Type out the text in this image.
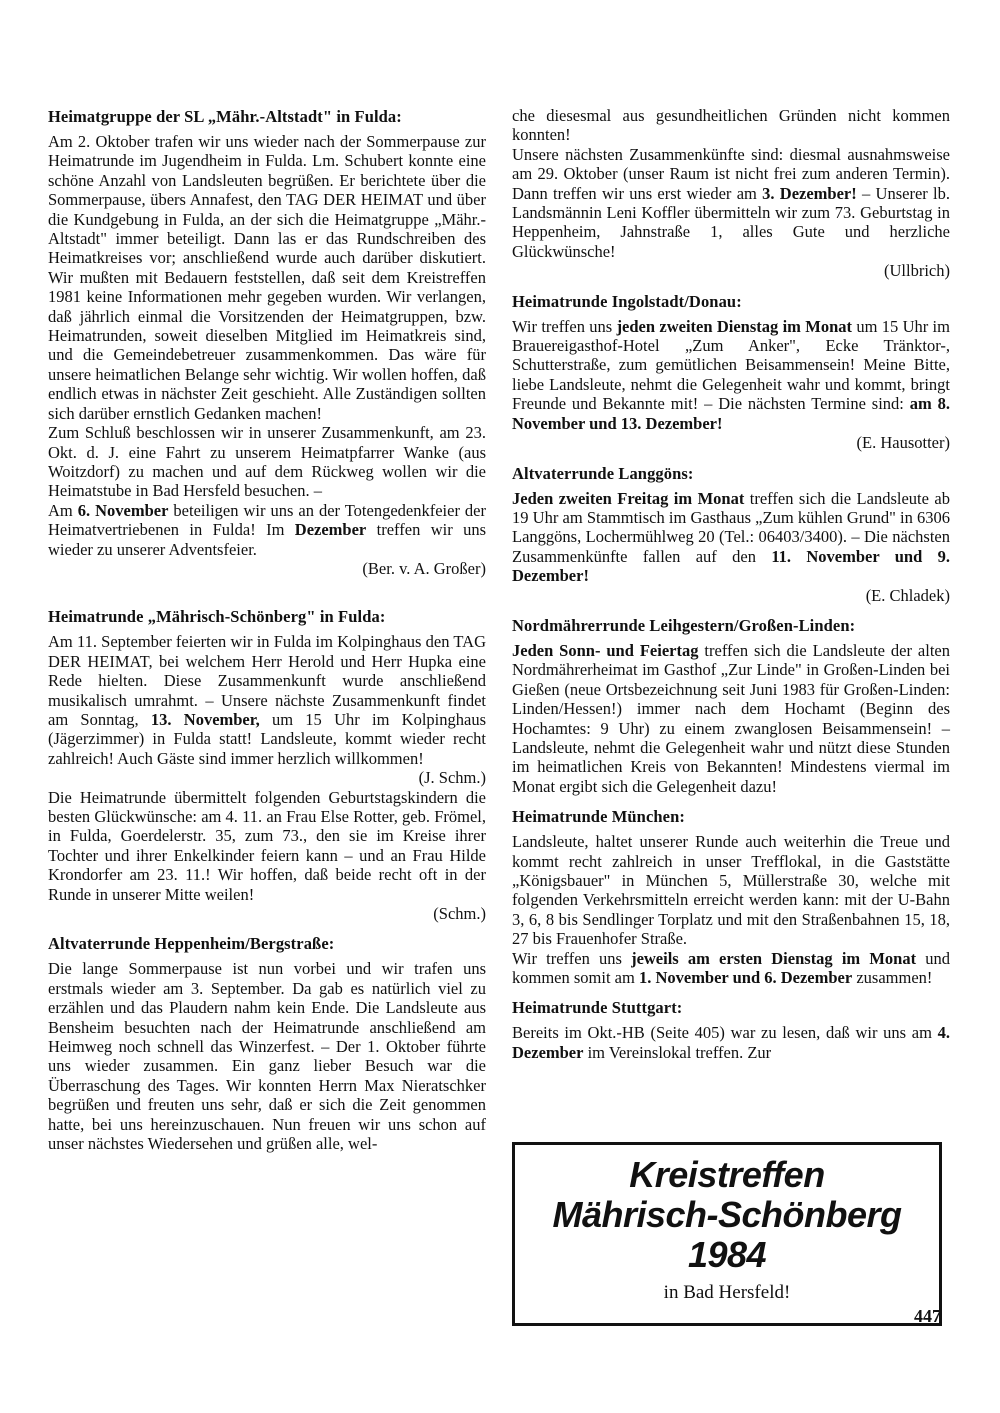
Heimatgruppe der SL „Mähr.-Altstadt" in Fulda:

Am 2. Oktober trafen wir uns wieder nach der Sommerpause zur Heimatrunde im Jugendheim in Fulda. Lm. Schubert konnte eine schöne Anzahl von Landsleuten begrüßen. Er berichtete über die Sommerpause, übers Annafest, den TAG DER HEIMAT und über die Kundgebung in Fulda, an der sich die Heimatgruppe „Mähr.-Altstadt" immer beteiligt. Dann las er das Rundschreiben des Heimatkreises vor; anschließend wurde auch darüber diskutiert. Wir mußten mit Bedauern feststellen, daß seit dem Kreistreffen 1981 keine Informationen mehr gegeben wurden. Wir verlangen, daß jährlich einmal die Vorsitzenden der Heimatgruppen, bzw. Heimatrunden, soweit dieselben Mitglied im Heimatkreis sind, und die Gemeindebetreuer zusammenkommen. Das wäre für unsere heimatlichen Belange sehr wichtig. Wir wollen hoffen, daß endlich etwas in nächster Zeit geschieht. Alle Zuständigen sollten sich darüber ernstlich Gedanken machen!

Zum Schluß beschlossen wir in unserer Zusammenkunft, am 23. Okt. d. J. eine Fahrt zu unserem Heimatpfarrer Wanke (aus Woitzdorf) zu machen und auf dem Rückweg wollen wir die Heimatstube in Bad Hersfeld besuchen. –

Am 6. November beteiligen wir uns an der Totengedenkfeier der Heimatvertriebenen in Fulda! Im Dezember treffen wir uns wieder zu unserer Adventsfeier.

(Ber. v. A. Großer)
Heimatrunde „Mährisch-Schönberg" in Fulda:

Am 11. September feierten wir in Fulda im Kolpinghaus den TAG DER HEIMAT, bei welchem Herr Herold und Herr Hupka eine Rede hielten. Diese Zusammenkunft wurde anschließend musikalisch umrahmt. – Unsere nächste Zusammenkunft findet am Sonntag, 13. November, um 15 Uhr im Kolpinghaus (Jägerzimmer) in Fulda statt! Landsleute, kommt wieder recht zahlreich! Auch Gäste sind immer herzlich willkommen!

(J. Schm.)

Die Heimatrunde übermittelt folgenden Geburtstagskindern die besten Glückwünsche: am 4. 11. an Frau Else Rotter, geb. Frömel, in Fulda, Goerdelerstr. 35, zum 73., den sie im Kreise ihrer Tochter und ihrer Enkelkinder feiern kann – und an Frau Hilde Krondorfer am 23. 11.! Wir hoffen, daß beide recht oft in der Runde in unserer Mitte weilen!

(Schm.)
Altvaterrunde Heppenheim/Bergstraße:

Die lange Sommerpause ist nun vorbei und wir trafen uns erstmals wieder am 3. September. Da gab es natürlich viel zu erzählen und das Plaudern nahm kein Ende. Die Landsleute aus Bensheim besuchten nach der Heimatrunde anschließend am Heimweg noch schnell das Winzerfest. – Der 1. Oktober führte uns wieder zusammen. Ein ganz lieber Besuch war die Überraschung des Tages. Wir konnten Herrn Max Nieratschker begrüßen und freuten uns sehr, daß er sich die Zeit genommen hatte, bei uns hereinzuschauen. Nun freuen wir uns schon auf unser nächstes Wiedersehen und grüßen alle, wel-

che diesesmal aus gesundheitlichen Gründen nicht kommen konnten!

Unsere nächsten Zusammenkünfte sind: diesmal ausnahmsweise am 29. Oktober (unser Raum ist nicht frei zum anderen Termin). Dann treffen wir uns erst wieder am 3. Dezember! – Unserer lb. Landsmännin Leni Koffler übermitteln wir zum 73. Geburtstag in Heppenheim, Jahnstraße 1, alles Gute und herzliche Glückwünsche!

(Ullbrich)
Heimatrunde Ingolstadt/Donau:

Wir treffen uns jeden zweiten Dienstag im Monat um 15 Uhr im Brauereigasthof-Hotel „Zum Anker", Ecke Tränktor-, Schutterstraße, zum gemütlichen Beisammensein! Meine Bitte, liebe Landsleute, nehmt die Gelegenheit wahr und kommt, bringt Freunde und Bekannte mit! – Die nächsten Termine sind: am 8. November und 13. Dezember!

(E. Hausotter)
Altvaterrunde Langgöns:

Jeden zweiten Freitag im Monat treffen sich die Landsleute ab 19 Uhr am Stammtisch im Gasthaus „Zum kühlen Grund" in 6306 Langgöns, Lochermühlweg 20 (Tel.: 06403/3400). – Die nächsten Zusammenkünfte fallen auf den 11. November und 9. Dezember!

(E. Chladek)
Nordmährerrunde Leihgestern/Großen-Linden:

Jeden Sonn- und Feiertag treffen sich die Landsleute der alten Nordmährerheimat im Gasthof „Zur Linde" in Großen-Linden bei Gießen (neue Ortsbezeichnung seit Juni 1983 für Großen-Linden: Linden/Hessen!) immer nach dem Hochamt (Beginn des Hochamtes: 9 Uhr) zu einem zwanglosen Beisammensein! – Landsleute, nehmt die Gelegenheit wahr und nützt diese Stunden im heimatlichen Kreis von Bekannten! Mindestens viermal im Monat ergibt sich die Gelegenheit dazu!

Heimatrunde München:

Landsleute, haltet unserer Runde auch weiterhin die Treue und kommt recht zahlreich in unser Trefflokal, in die Gaststätte „Königsbauer" in München 5, Müllerstraße 30, welche mit folgenden Verkehrsmitteln erreicht werden kann: mit der U-Bahn 3, 6, 8 bis Sendlinger Torplatz und mit den Straßenbahnen 15, 18, 27 bis Frauenhofer Straße.

Wir treffen uns jeweils am ersten Dienstag im Monat und kommen somit am 1. November und 6. Dezember zusammen!

Heimatrunde Stuttgart:

Bereits im Okt.-HB (Seite 405) war zu lesen, daß wir uns am 4. Dezember im Vereinslokal treffen. Zur

Kreistreffen
Mährisch-Schönberg
1984
in Bad Hersfeld!
447
